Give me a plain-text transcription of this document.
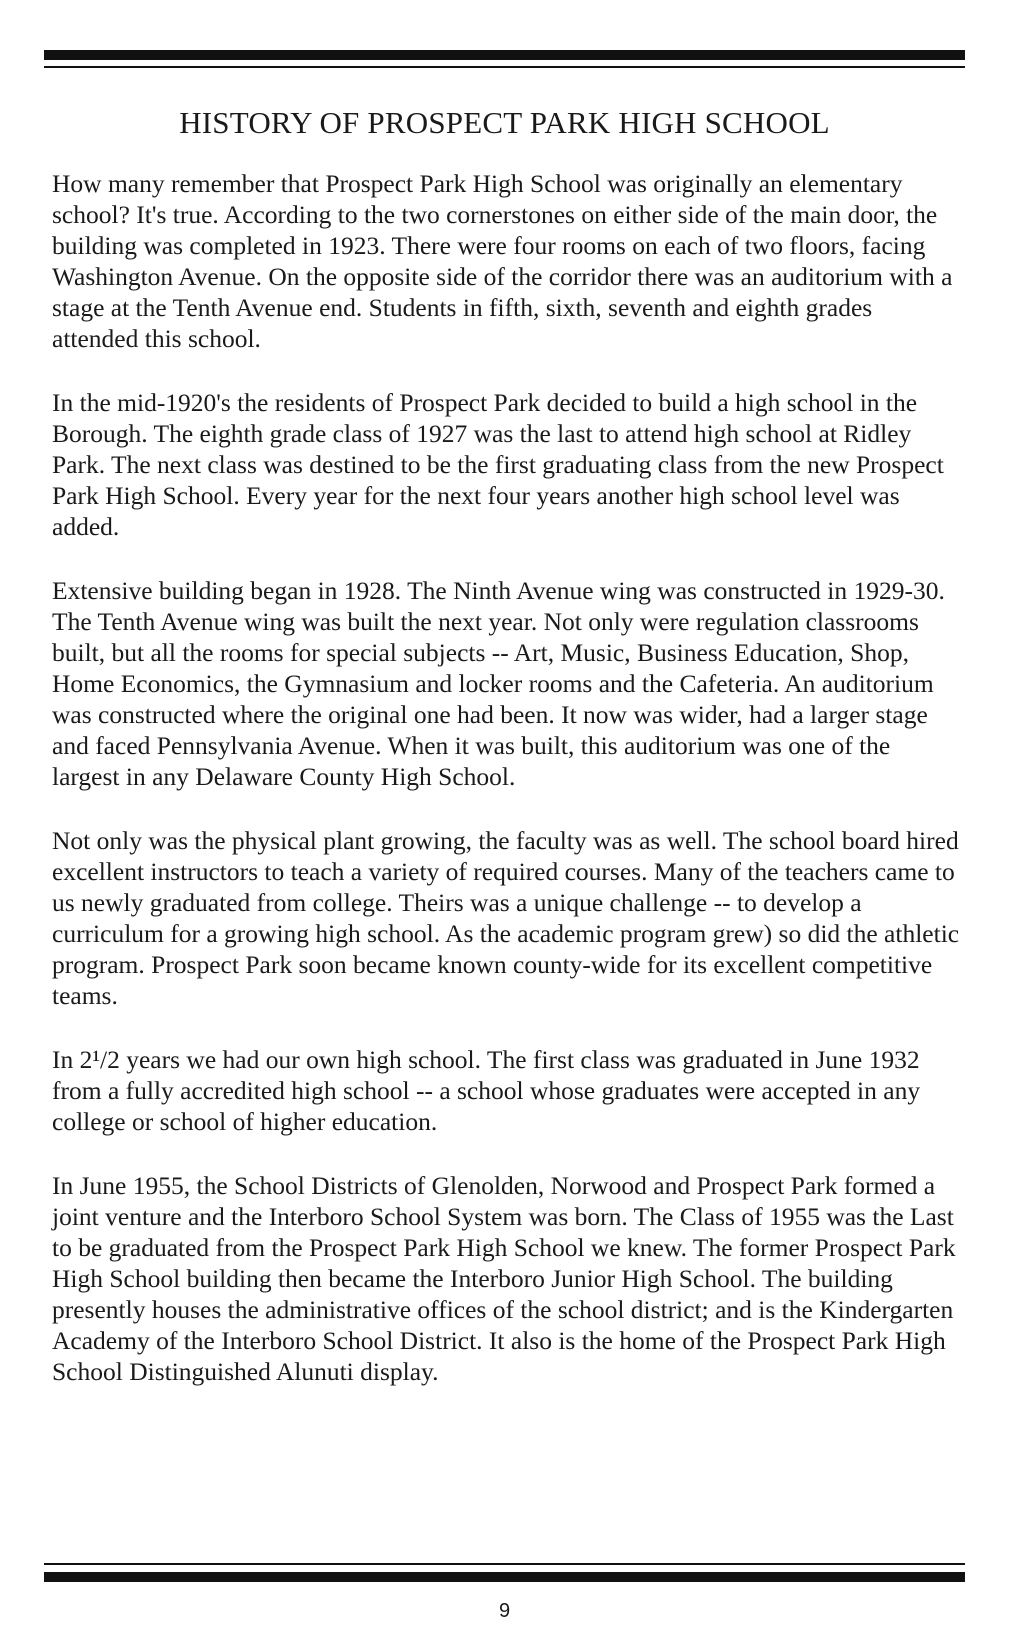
HISTORY OF PROSPECT PARK HIGH SCHOOL

How many remember that Prospect Park High School was originally an elementary school? It's true. According to the two cornerstones on either side of the main door, the building was completed in 1923. There were four rooms on each of two floors, facing Washington Avenue. On the opposite side of the corridor there was an auditorium with a stage at the Tenth Avenue end. Students in fifth, sixth, seventh and eighth grades attended this school.

In the mid-1920's the residents of Prospect Park decided to build a high school in the Borough. The eighth grade class of 1927 was the last to attend high school at Ridley Park. The next class was destined to be the first graduating class from the new Prospect Park High School. Every year for the next four years another high school level was added.

Extensive building began in 1928. The Ninth Avenue wing was constructed in 1929-30. The Tenth Avenue wing was built the next year. Not only were regulation classrooms built, but all the rooms for special subjects -- Art, Music, Business Education, Shop, Home Economics, the Gymnasium and locker rooms and the Cafeteria. An auditorium was constructed where the original one had been. It now was wider, had a larger stage and faced Pennsylvania Avenue. When it was built, this auditorium was one of the largest in any Delaware County High School.

Not only was the physical plant growing, the faculty was as well. The school board hired excellent instructors to teach a variety of required courses. Many of the teachers came to us newly graduated from college. Theirs was a unique challenge -- to develop a curriculum for a growing high school. As the academic program grew) so did the athletic program. Prospect Park soon became known county-wide for its excellent competitive teams.

In 2¹/2 years we had our own high school. The first class was graduated in June 1932 from a fully accredited high school -- a school whose graduates were accepted in any college or school of higher education.

In June 1955, the School Districts of Glenolden, Norwood and Prospect Park formed a joint venture and the Interboro School System was born. The Class of 1955 was the Last to be graduated from the Prospect Park High School we knew. The former Prospect Park High School building then became the Interboro Junior High School. The building presently houses the administrative offices of the school district; and is the Kindergarten Academy of the Interboro School District. It also is the home of the Prospect Park High School Distinguished Alunuti display.

9
